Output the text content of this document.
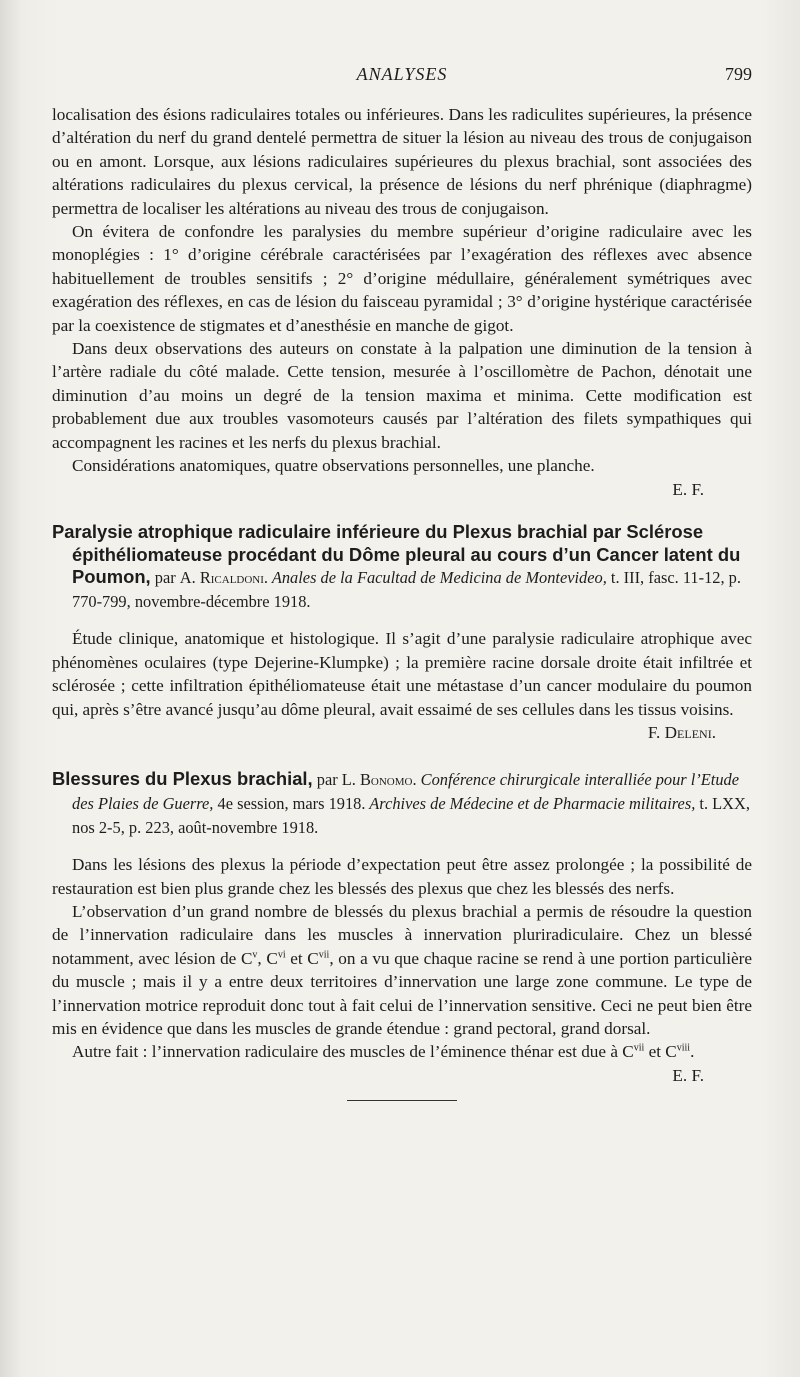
ANALYSES	799

localisation des ésions radiculaires totales ou inférieures. Dans les radiculites supérieures, la présence d’altération du nerf du grand dentelé permettra de situer la lésion au niveau des trous de conjugaison ou en amont. Lorsque, aux lésions radiculaires supérieures du plexus brachial, sont associées des altérations radiculaires du plexus cervical, la présence de lésions du nerf phrénique (diaphragme) permettra de localiser les altérations au niveau des trous de conjugaison.

On évitera de confondre les paralysies du membre supérieur d’origine radiculaire avec les monoplégies : 1° d’origine cérébrale caractérisées par l’exagération des réflexes avec absence habituellement de troubles sensitifs ; 2° d’origine médullaire, généralement symétriques avec exagération des réflexes, en cas de lésion du faisceau pyramidal ; 3° d’origine hystérique caractérisée par la coexistence de stigmates et d’anesthésie en manche de gigot.

Dans deux observations des auteurs on constate à la palpation une diminution de la tension à l’artère radiale du côté malade. Cette tension, mesurée à l’oscillomètre de Pachon, dénotait une diminution d’au moins un degré de la tension maxima et minima. Cette modification est probablement due aux troubles vasomoteurs causés par l’altération des filets sympathiques qui accompagnent les racines et les nerfs du plexus brachial.

Considérations anatomiques, quatre observations personnelles, une planche.

E. F.
Paralysie atrophique radiculaire inférieure du Plexus brachial par Sclérose épithéliomateuse procédant du Dôme pleural au cours d’un Cancer latent du Poumon, par A. Ricaldoni. Anales de la Facultad de Medicina de Montevideo, t. III, fasc. 11-12, p. 770-799, novembre-décembre 1918.

Étude clinique, anatomique et histologique. Il s’agit d’une paralysie radiculaire atrophique avec phénomènes oculaires (type Dejerine-Klumpke) ; la première racine dorsale droite était infiltrée et sclérosée ; cette infiltration épithéliomateuse était une métastase d’un cancer modulaire du poumon qui, après s’être avancé jusqu’au dôme pleural, avait essaimé de ses cellules dans les tissus voisins.

F. Deleni.
Blessures du Plexus brachial, par L. Bonomo. Conférence chirurgicale interalliée pour l’Etude des Plaies de Guerre, 4e session, mars 1918. Archives de Médecine et de Pharmacie militaires, t. LXX, nos 2-5, p. 223, août-novembre 1918.

Dans les lésions des plexus la période d’expectation peut être assez prolongée ; la possibilité de restauration est bien plus grande chez les blessés des plexus que chez les blessés des nerfs.

L’observation d’un grand nombre de blessés du plexus brachial a permis de résoudre la question de l’innervation radiculaire dans les muscles à innervation pluriradiculaire. Chez un blessé notamment, avec lésion de $C^v$, $C^{vi}$ et $C^{vii}$, on a vu que chaque racine se rend à une portion particulière du muscle ; mais il y a entre deux territoires d’innervation une large zone commune. Le type de l’innervation motrice reproduit donc tout à fait celui de l’innervation sensitive. Ceci ne peut bien être mis en évidence que dans les muscles de grande étendue : grand pectoral, grand dorsal.

Autre fait : l’innervation radiculaire des muscles de l’éminence thénar est due à $C^{vii}$ et $C^{viii}$.
E. F.
